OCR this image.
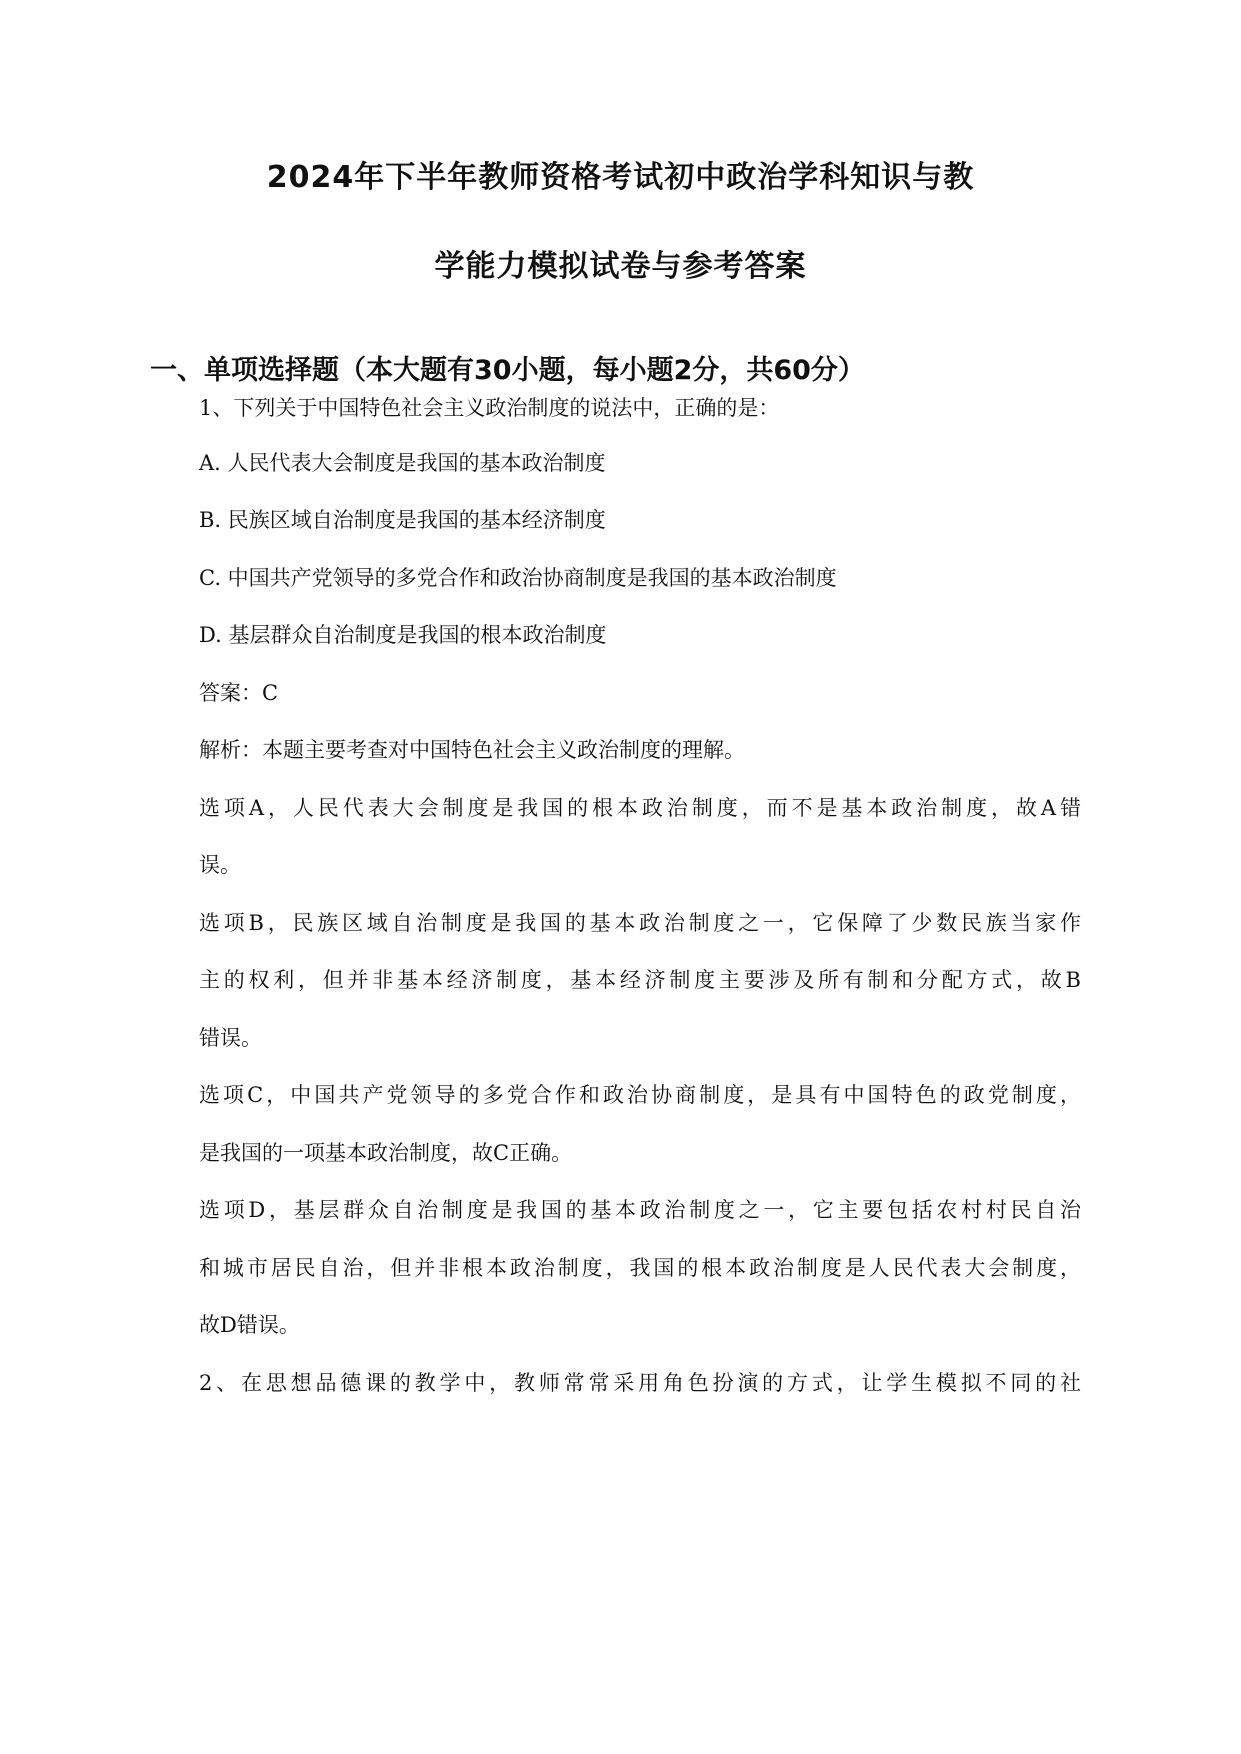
2024年下半年教师资格考试初中政治学科知识与教
学能力模拟试卷与参考答案
一、单项选择题（本大题有30小题，每小题2分，共60分）
1、下列关于中国特色社会主义政治制度的说法中，正确的是：
A. 人民代表大会制度是我国的基本政治制度
B. 民族区域自治制度是我国的基本经济制度
C. 中国共产党领导的多党合作和政治协商制度是我国的基本政治制度
D. 基层群众自治制度是我国的根本政治制度
答案：C
解析：本题主要考查对中国特色社会主义政治制度的理解。
选项A，人民代表大会制度是我国的根本政治制度，而不是基本政治制度，故A错
误。
选项B，民族区域自治制度是我国的基本政治制度之一，它保障了少数民族当家作
主的权利，但并非基本经济制度，基本经济制度主要涉及所有制和分配方式，故B
错误。
选项C，中国共产党领导的多党合作和政治协商制度，是具有中国特色的政党制度，
是我国的一项基本政治制度，故C正确。
选项D，基层群众自治制度是我国的基本政治制度之一，它主要包括农村村民自治
和城市居民自治，但并非根本政治制度，我国的根本政治制度是人民代表大会制度，
故D错误。
2、在思想品德课的教学中，教师常常采用角色扮演的方式，让学生模拟不同的社
